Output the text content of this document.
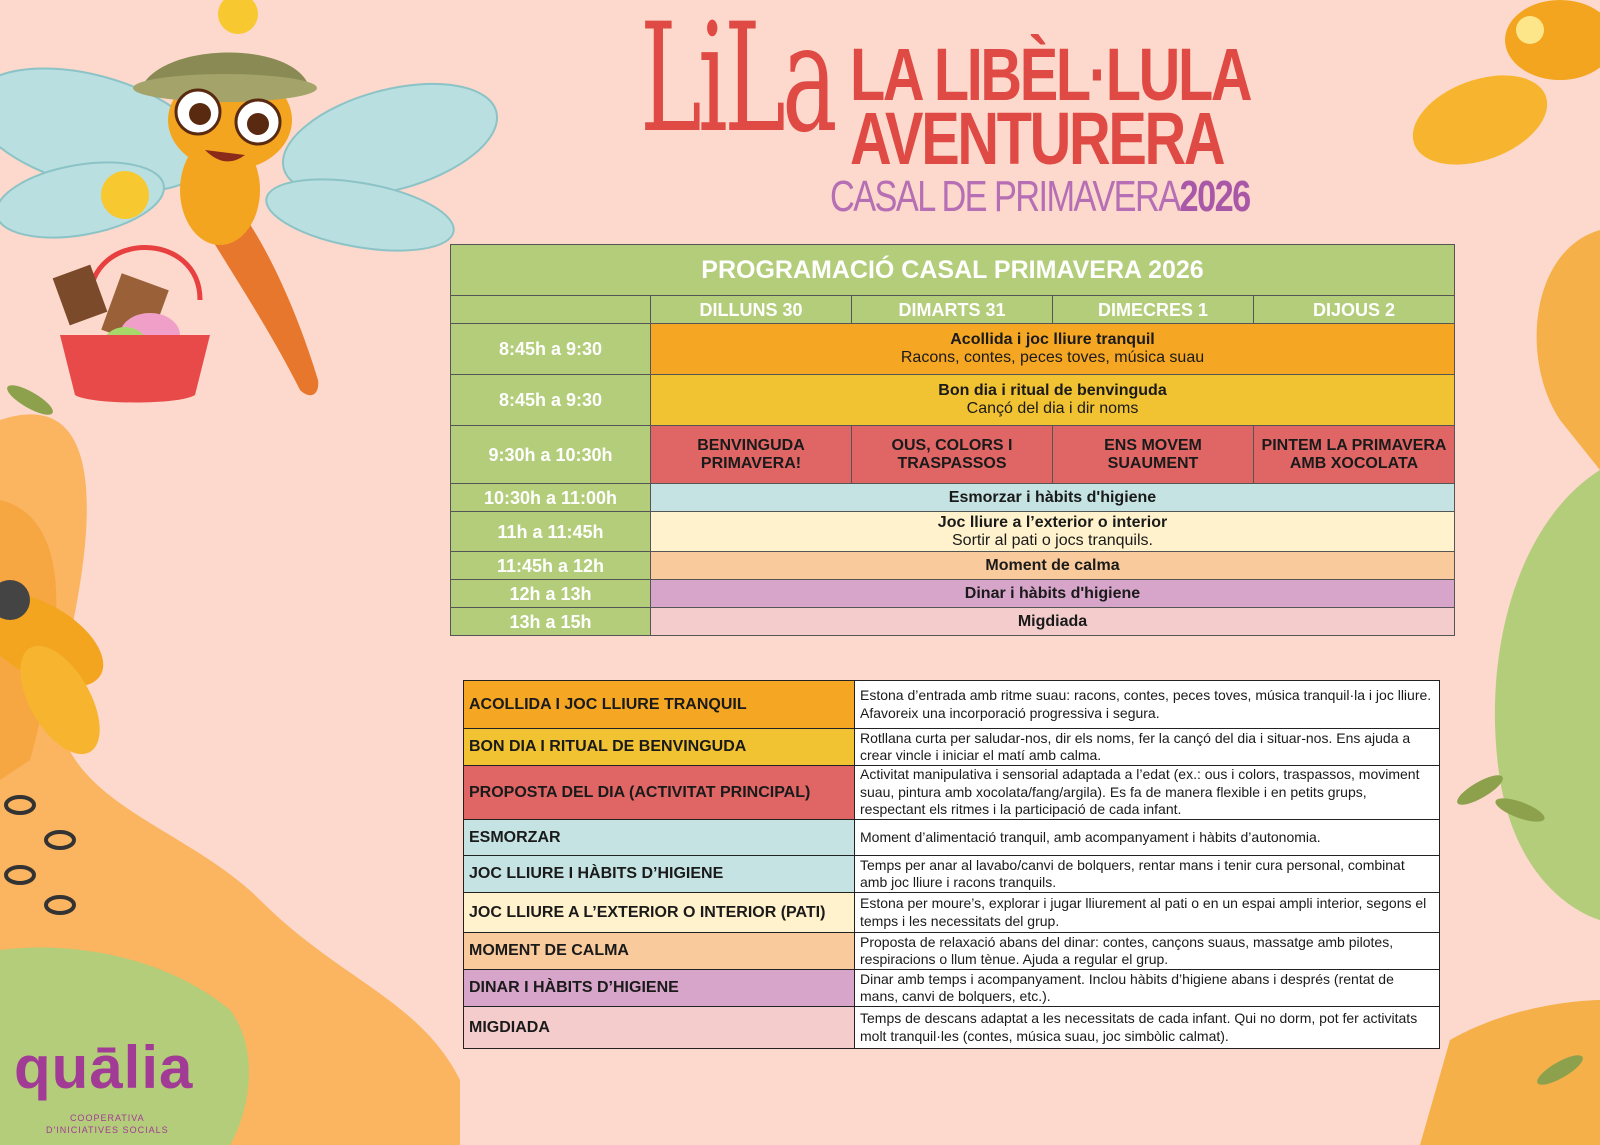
LiLa LA LIBÈL·LULA
AVENTURERA
CASAL DE PRIMAVERA2026
PROGRAMACIÓ CASAL PRIMAVERA 2026				
	DILLUNS 30	DIMARTS 31	DIMECRES 1	DIJOUS 2
8:45h a 9:30	Acollida i joc lliure tranquil
Racons, contes, peces toves, música suau			

8:45h a 9:30	Bon dia i ritual de benvinguda
Cançó del dia i dir noms			

9:30h a 10:30h	BENVINGUDA PRIMAVERA!	OUS, COLORS I TRASPASSOS	ENS MOVEM SUAUMENT	PINTEM LA PRIMAVERA AMB XOCOLATA
10:30h a 11:00h	Esmorzar i hàbits d'higiene			
11h a 11:45h	Joc lliure a l’exterior o interior
Sortir al pati o jocs tranquils.			

11:45h a 12h	Moment de calma			
12h a 13h	Dinar i hàbits d'higiene			
13h a 15h	Migdiada			
ACOLLIDA I JOC LLIURE TRANQUIL	Estona d’entrada amb ritme suau: racons, contes, peces toves, música tranquil·la i joc lliure. Afavoreix una incorporació progressiva i segura.
BON DIA I RITUAL DE BENVINGUDA	Rotllana curta per saludar-nos, dir els noms, fer la cançó del dia i situar-nos. Ens ajuda a crear vincle i iniciar el matí amb calma.
PROPOSTA DEL DIA (ACTIVITAT PRINCIPAL)	Activitat manipulativa i sensorial adaptada a l’edat (ex.: ous i colors, traspassos, moviment suau, pintura amb xocolata/fang/argila). Es fa de manera flexible i en petits grups, respectant els ritmes i la participació de cada infant.
ESMORZAR	Moment d’alimentació tranquil, amb acompanyament i hàbits d’autonomia.
JOC LLIURE I HÀBITS D’HIGIENE	Temps per anar al lavabo/canvi de bolquers, rentar mans i tenir cura personal, combinat amb joc lliure i racons tranquils.
JOC LLIURE A L’EXTERIOR O INTERIOR (PATI)	Estona per moure’s, explorar i jugar lliurement al pati o en un espai ampli interior, segons el temps i les necessitats del grup.
MOMENT DE CALMA	Proposta de relaxació abans del dinar: contes, cançons suaus, massatge amb pilotes, respiracions o llum tènue. Ajuda a regular el grup.
DINAR I HÀBITS D’HIGIENE	Dinar amb temps i acompanyament. Inclou hàbits d’higiene abans i després (rentat de mans, canvi de bolquers, etc.).
MIGDIADA	Temps de descans adaptat a les necessitats de cada infant. Qui no dorm, pot fer activitats molt tranquil·les (contes, música suau, joc simbòlic calmat).
quālia
COOPERATIVA
D'INICIATIVES SOCIALS
